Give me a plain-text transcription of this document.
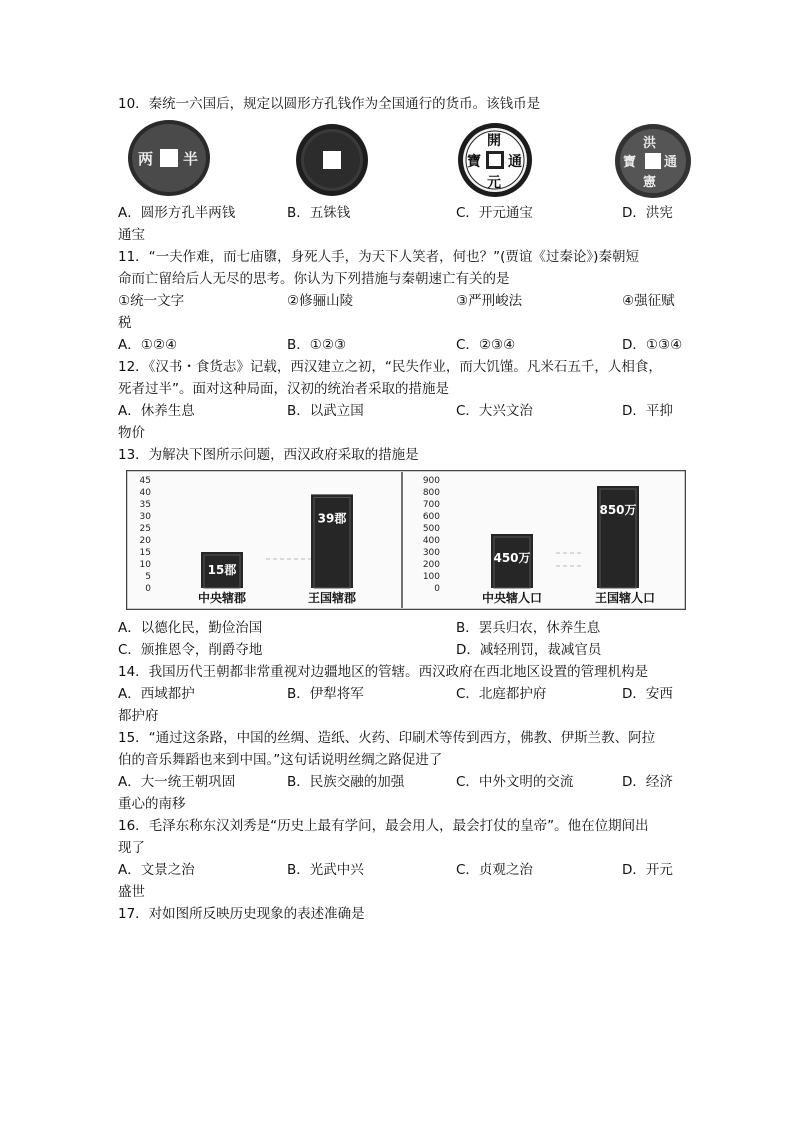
10．秦统一六国后，规定以圆形方孔钱作为全国通行的货币。该钱币是
两 半
開
通
元
寶
洪
通
憲
寶
A．圆形方孔半两钱	B．五铢钱	C．开元通宝	D．洪宪
通宝
11．“一夫作难，而七庙隳，身死人手，为天下人笑者，何也？”(贾谊《过秦论》)秦朝短
命而亡留给后人无尽的思考。你认为下列措施与秦朝速亡有关的是
①统一文字	②修骊山陵	③严刑峻法	④强征赋
税
A．①②④	B．①②③	C．②③④	D．①③④
12．《汉书・食货志》记载，西汉建立之初，“民失作业，而大饥馑。凡米石五千，人相食，
死者过半”。面对这种局面，汉初的统治者采取的措施是
A．休养生息	B．以武立国	C．大兴文治	D．平抑
物价
13．为解决下图所示问题，西汉政府采取的措施是
45
40
35
30
25
20
15
10
5
0
15郡
中央辖郡
39郡
王国辖郡
900
800
700
600
500
400
300
200
100
0
450万
中央辖人口
850万
王国辖人口
A．以德化民，勤俭治国	B．罢兵归农，休养生息
C．颁推恩令，削爵夺地	D．减轻刑罚，裁减官员
14．我国历代王朝都非常重视对边疆地区的管辖。西汉政府在西北地区设置的管理机构是
A．西域都护	B．伊犁将军	C．北庭都护府	D．安西
都护府
15．“通过这条路，中国的丝绸、造纸、火药、印刷术等传到西方，佛教、伊斯兰教、阿拉
伯的音乐舞蹈也来到中国。”这句话说明丝绸之路促进了
A．大一统王朝巩固	B．民族交融的加强	C．中外文明的交流	D．经济
重心的南移
16．毛泽东称东汉刘秀是“历史上最有学问，最会用人，最会打仗的皇帝”。他在位期间出
现了
A．文景之治	B．光武中兴	C．贞观之治	D．开元
盛世
17．对如图所反映历史现象的表述准确是
